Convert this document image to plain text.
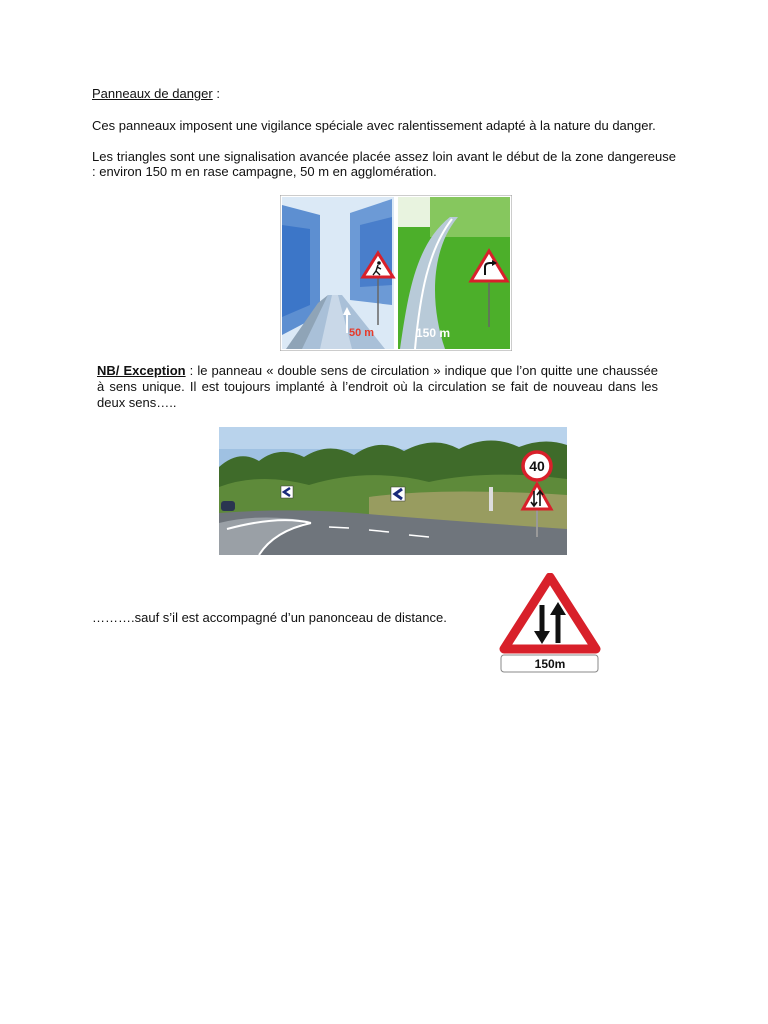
Panneaux de danger :
Ces panneaux imposent une vigilance spéciale avec ralentissement adapté à la nature du danger.
Les triangles sont une signalisation avancée placée assez loin avant le début de la zone dangereuse : environ 150 m en rase campagne, 50 m en agglomération.
50 m	150 m
NB/ Exception : le panneau « double sens de circulation » indique que l’on quitte une chaussée à sens unique. Il est toujours implanté à l’endroit où la circulation se fait de nouveau dans les deux sens…..
40
……….sauf s’il est accompagné d’un panonceau de distance.
150m
